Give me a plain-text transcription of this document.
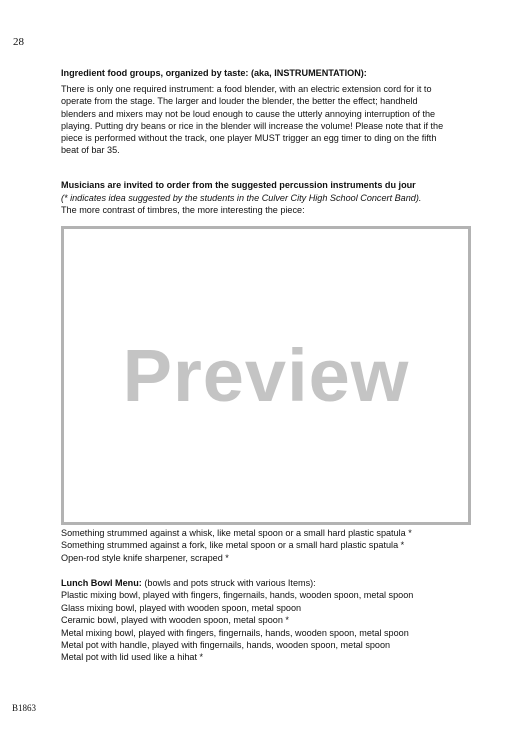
28

Ingredient food groups, organized by taste: (aka, INSTRUMENTATION):

There is only one required instrument: a food blender, with an electric extension cord for it to
operate from the stage. The larger and louder the blender, the better the effect; handheld
blenders and mixers may not be loud enough to cause the utterly annoying interruption of the
playing. Putting dry beans or rice in the blender will increase the volume! Please note that if the
piece is performed without the track, one player MUST trigger an egg timer to ding on the fifth
beat of bar 35.

Musicians are invited to order from the suggested percussion instruments du jour

(* indicates idea suggested by the students in the Culver City High School Concert Band).

The more contrast of timbres, the more interesting the piece:

Preview
Something strummed against a whisk, like metal spoon or a small hard plastic spatula *
Something strummed against a fork, like metal spoon or a small hard plastic spatula *
Open-rod style knife sharpener, scraped *

Lunch Bowl Menu: (bowls and pots struck with various Items):

Plastic mixing bowl, played with fingers, fingernails, hands, wooden spoon, metal spoon
Glass mixing bowl, played with wooden spoon, metal spoon
Ceramic bowl, played with wooden spoon, metal spoon *
Metal mixing bowl, played with fingers, fingernails, hands, wooden spoon, metal spoon
Metal pot with handle, played with fingernails, hands, wooden spoon, metal spoon
Metal pot with lid used like a hihat *
B1863
